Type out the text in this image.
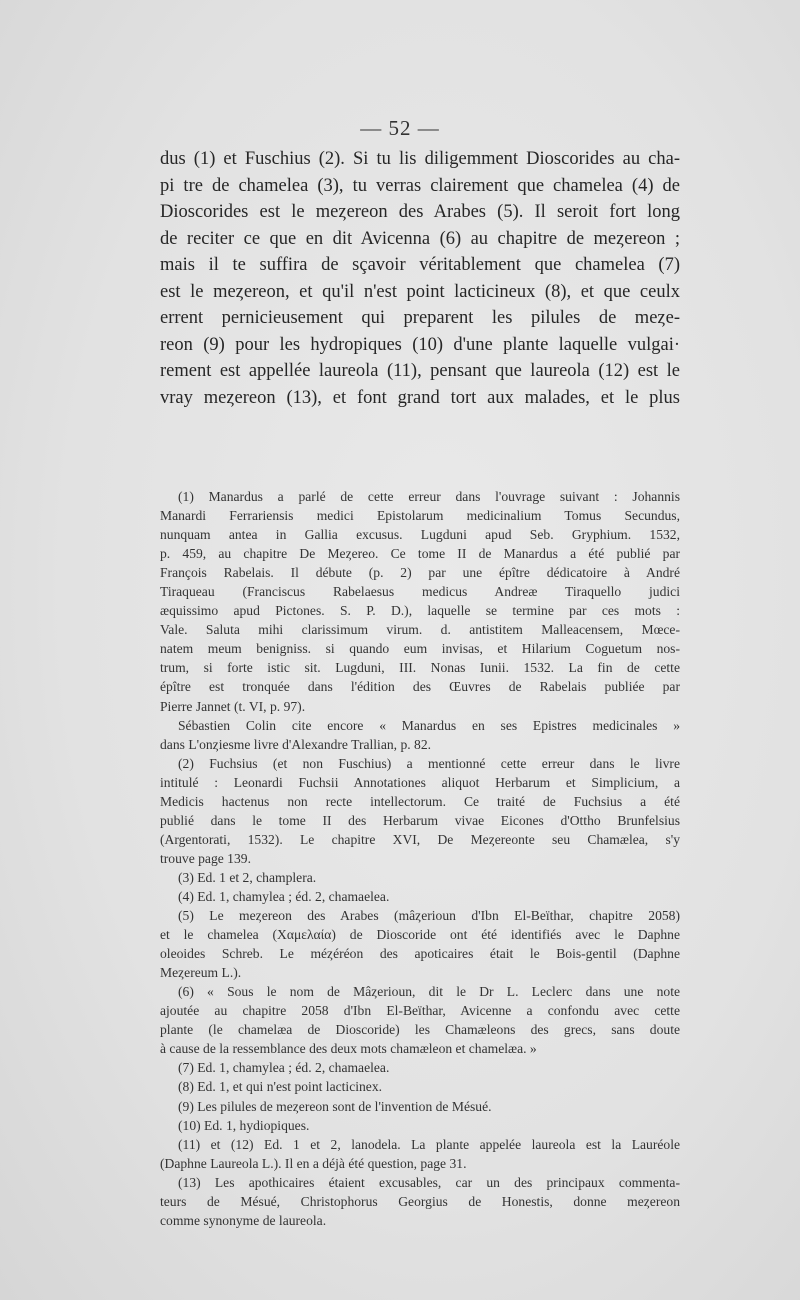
— 52 —
dus (1) et Fuschius (2). Si tu lis diligemment Dioscorides au cha-
pi tre de chamelea (3), tu verras clairement que chamelea (4) de
Dioscorides est le meȥereon des Arabes (5). Il seroit fort long
de reciter ce que en dit Avicenna (6) au chapitre de meȥereon ;
mais il te suffira de sçavoir véritablement que chamelea (7)
est le meȥereon, et qu'il n'est point lacticineux (8), et que ceulx
errent pernicieusement qui preparent les pilules de meȥe-
reon (9) pour les hydropiques (10) d'une plante laquelle vulgai·
rement est appellée laureola (11), pensant que laureola (12) est le
vray meȥereon (13), et font grand tort aux malades, et le plus
(1) Manardus a parlé de cette erreur dans l'ouvrage suivant : Johannis
Manardi Ferrariensis medici Epistolarum medicinalium Tomus Secundus,
nunquam antea in Gallia excusus. Lugduni apud Seb. Gryphium. 1532,
p. 459, au chapitre De Meȥereo. Ce tome II de Manardus a été publié par
François Rabelais. Il débute (p. 2) par une épître dédicatoire à André
Tiraqueau (Franciscus Rabelaesus medicus Andreæ Tiraquello judici
æquissimo apud Pictones. S. P. D.), laquelle se termine par ces mots :
Vale. Saluta mihi clarissimum virum. d. antistitem Malleacensem, Mœce-
natem meum benigniss. si quando eum invisas, et Hilarium Coguetum nos-
trum, si forte istic sit. Lugduni, III. Nonas Iunii. 1532. La fin de cette
épître est tronquée dans l'édition des Œuvres de Rabelais publiée par
Pierre Jannet (t. VI, p. 97).
Sébastien Colin cite encore « Manardus en ses Epistres medicinales »
dans L'onȥiesme livre d'Alexandre Trallian, p. 82.
(2) Fuchsius (et non Fuschius) a mentionné cette erreur dans le livre
intitulé : Leonardi Fuchsii Annotationes aliquot Herbarum et Simplicium, a
Medicis hactenus non recte intellectorum. Ce traité de Fuchsius a été
publié dans le tome II des Herbarum vivae Eicones d'Ottho Brunfelsius
(Argentorati, 1532). Le chapitre XVI, De Meȥereonte seu Chamælea, s'y
trouve page 139.
(3) Ed. 1 et 2, champlera.
(4) Ed. 1, chamylea ; éd. 2, chamaelea.
(5) Le meȥereon des Arabes (mâȥerioun d'Ibn El-Beïthar, chapitre 2058)
et le chamelea (Χαμελαία) de Dioscoride ont été identifiés avec le Daphne
oleoides Schreb. Le méȥéréon des apoticaires était le Bois-gentil (Daphne
Meȥereum L.).
(6) « Sous le nom de Mâȥerioun, dit le Dr L. Leclerc dans une note
ajoutée au chapitre 2058 d'Ibn El-Beïthar, Avicenne a confondu avec cette
plante (le chamelæa de Dioscoride) les Chamæleons des grecs, sans doute
à cause de la ressemblance des deux mots chamæleon et chamelæa. »
(7) Ed. 1, chamylea ; éd. 2, chamaelea.
(8) Ed. 1, et qui n'est point lacticinex.
(9) Les pilules de meȥereon sont de l'invention de Mésué.
(10) Ed. 1, hydiopiques.
(11) et (12) Ed. 1 et 2, lanodela. La plante appelée laureola est la Lauréole
(Daphne Laureola L.). Il en a déjà été question, page 31.
(13) Les apothicaires étaient excusables, car un des principaux commenta-
teurs de Mésué, Christophorus Georgius de Honestis, donne meȥereon
comme synonyme de laureola.
